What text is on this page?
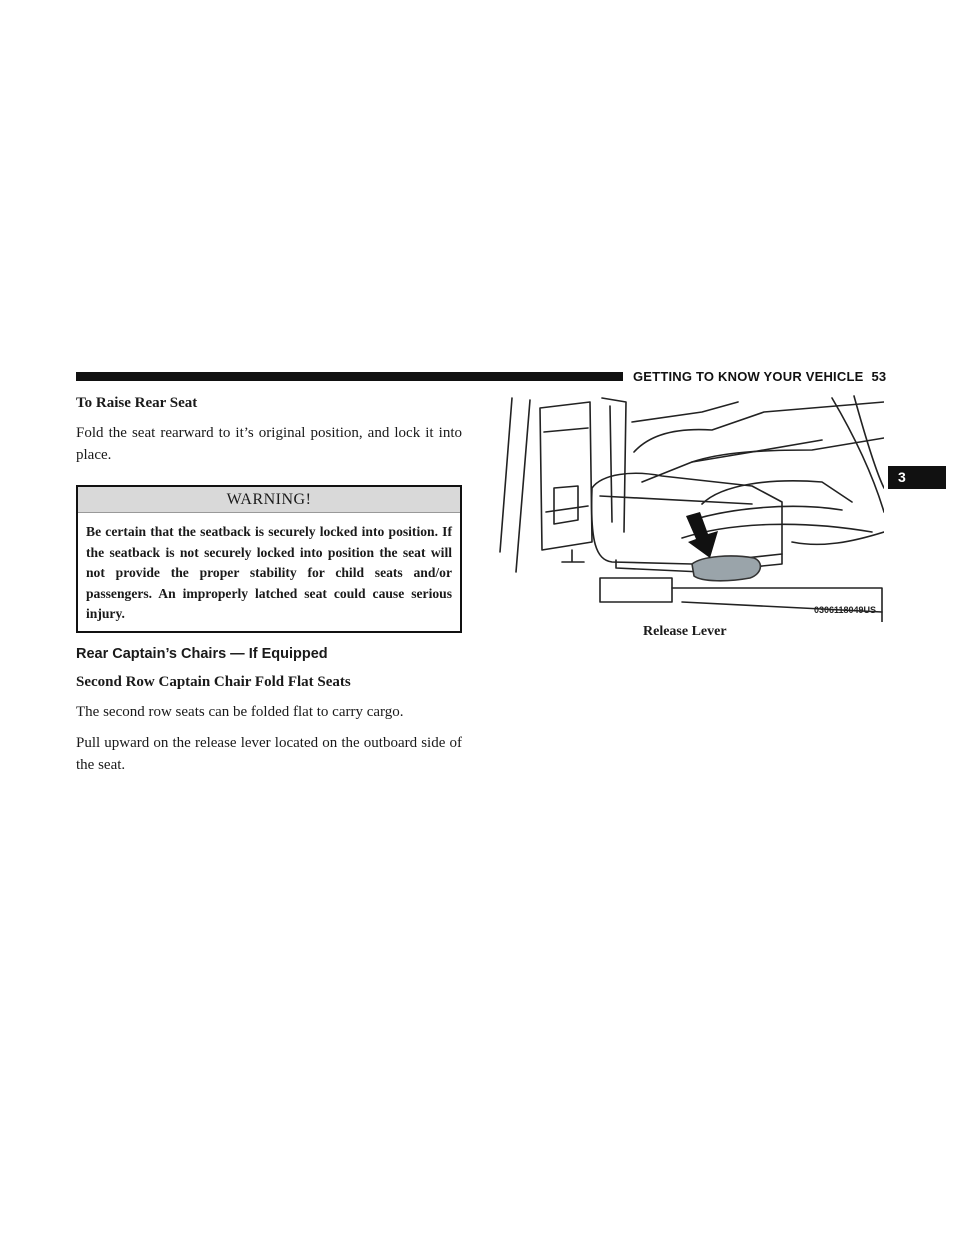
GETTING TO KNOW YOUR VEHICLE 53
3
To Raise Rear Seat
Fold the seat rearward to it’s original position, and lock it into place.
WARNING!
Be certain that the seatback is securely locked into position. If the seatback is not securely locked into position the seat will not provide the proper stability for child seats and/or passengers. An improperly latched seat could cause serious injury.
Rear Captain’s Chairs — If Equipped
Second Row Captain Chair Fold Flat Seats
The second row seats can be folded flat to carry cargo.
Pull upward on the release lever located on the outboard side of the seat.
0306118049US
Release Lever
